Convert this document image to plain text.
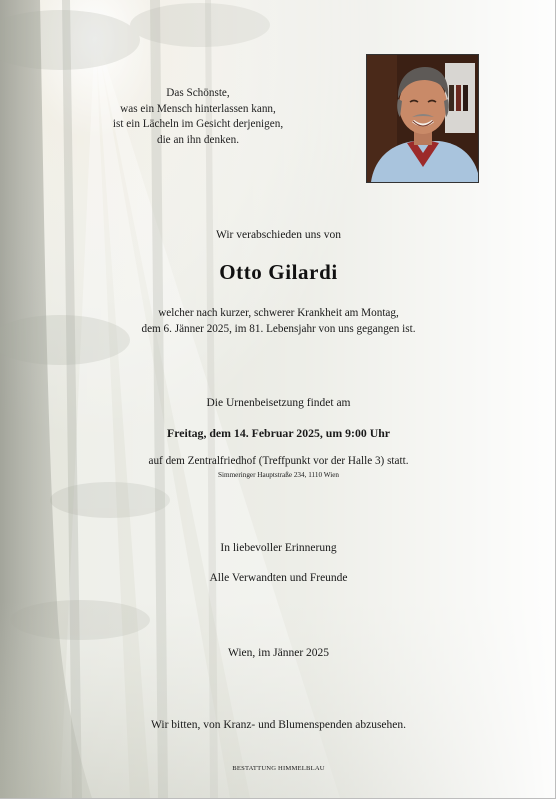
Das Schönste,
was ein Mensch hinterlassen kann,
ist ein Lächeln im Gesicht derjenigen,
die an ihn denken.
Wir verabschieden uns von
Otto Gilardi
welcher nach kurzer, schwerer Krankheit am Montag,
dem 6. Jänner 2025, im 81. Lebensjahr von uns gegangen ist.
Die Urnenbeisetzung findet am
Freitag, dem 14. Februar 2025, um 9:00 Uhr
auf dem Zentralfriedhof (Treffpunkt vor der Halle 3) statt.
Simmeringer Hauptstraße 234, 1110 Wien
In liebevoller Erinnerung
Alle Verwandten und Freunde
Wien, im Jänner 2025
Wir bitten, von Kranz- und Blumenspenden abzusehen.
BESTATTUNG HIMMELBLAU
